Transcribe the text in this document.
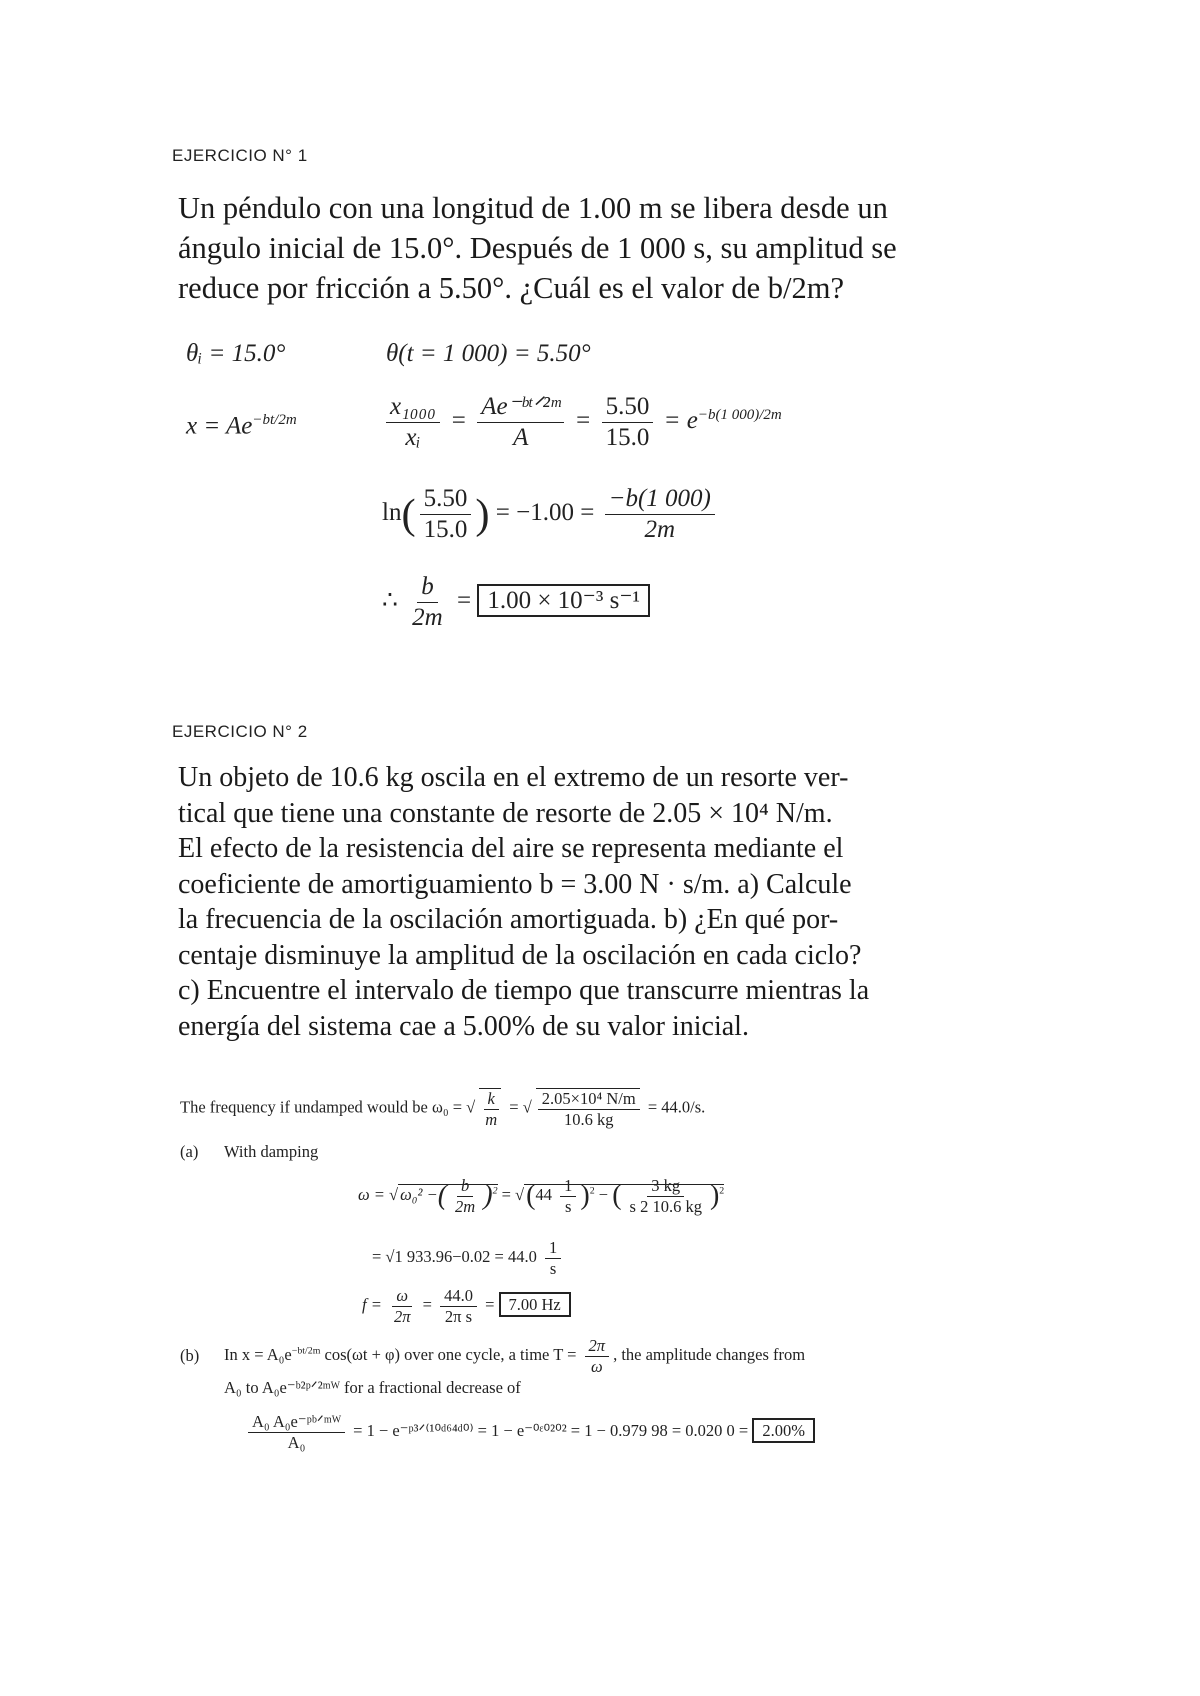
EJERCICIO N° 1
Un péndulo con una longitud de 1.00 m se libera desde un
ángulo inicial de 15.0°. Después de 1 000 s, su amplitud se
reduce por fricción a 5.50°. ¿Cuál es el valor de b/2m?
θᵢ = 15.0°	θ(t = 1 000) = 5.50°
$x = Ae^{-bt/2m}$	$\frac{\text{x₁₀₀₀}}{\text{xᵢ}} = \frac{\text{Ae⁻ᵇᵗᐟ²ᵐ}}{A} = \frac{5.50}{15.0} = e^{-b(1 000)/2m}$
$\ln( \frac{5.50}{15.0}$ ) = $-1.00 = \frac{-b(1 000)}{2m}$
∴ $\frac{b}{2m} = 1.00 \times 10^{-3}$ s⁻¹
EJERCICIO N° 2
Un objeto de 10.6 kg oscila en el extremo de un resorte ver-
tical que tiene una constante de resorte de 2.05 × 10⁴ N/m.
El efecto de la resistencia del aire se representa mediante el
coeficiente de amortiguamiento b = 3.00 N · s/m. a) Calcule
la frecuencia de la oscilación amortiguada. b) ¿En qué por-
centaje disminuye la amplitud de la oscilación en cada ciclo?
c) Encuentre el intervalo de tiempo que transcurre mientras la
energía del sistema cae a 5.00% de su valor inicial.
The frequency if undamped would be ω₀ = √ $\frac{k}{m}$ = √ $\frac{\text{2.05×10⁴ N/m}}{10.6 kg} = 44.0/s$.
(a) With damping
ω = √ ω₀² −( $\frac{b}{2m} )^2 = √(44 \frac{1}{s} )^2$ − ( $\frac{3 kg}{s 2 10.6 kg} )^2$
= √1 $933.96-0.02 = 44.0 \frac{1}{s}$
$f = \frac{\omega}{2\pi} = \frac{44.0}{\text{2π s}} = 7.00$ Hz
(b) In $x = A_0e^{-bt/2m}$ cos(ωt + φ) over one cycle, a time $T = \frac{2\pi}{\omega}$ , the amplitude changes from
A₀ to A₀e⁻ᵇ²ᵖᐟ²ᵐᵂ for a fractional decrease of
$\frac{\text{A₀ A₀e⁻ᵖᵇᐟᵐᵂ}}{\text{A₀}} = 1$ − e⁻ᵖ³ᐟ⁽¹⁰ᵈ⁶⁴ᵈ⁰⁾ = 1 − e⁻⁰ᵋ⁰²⁰² = 1 − 0.979 98 = 0.020 0 = 2.00%
